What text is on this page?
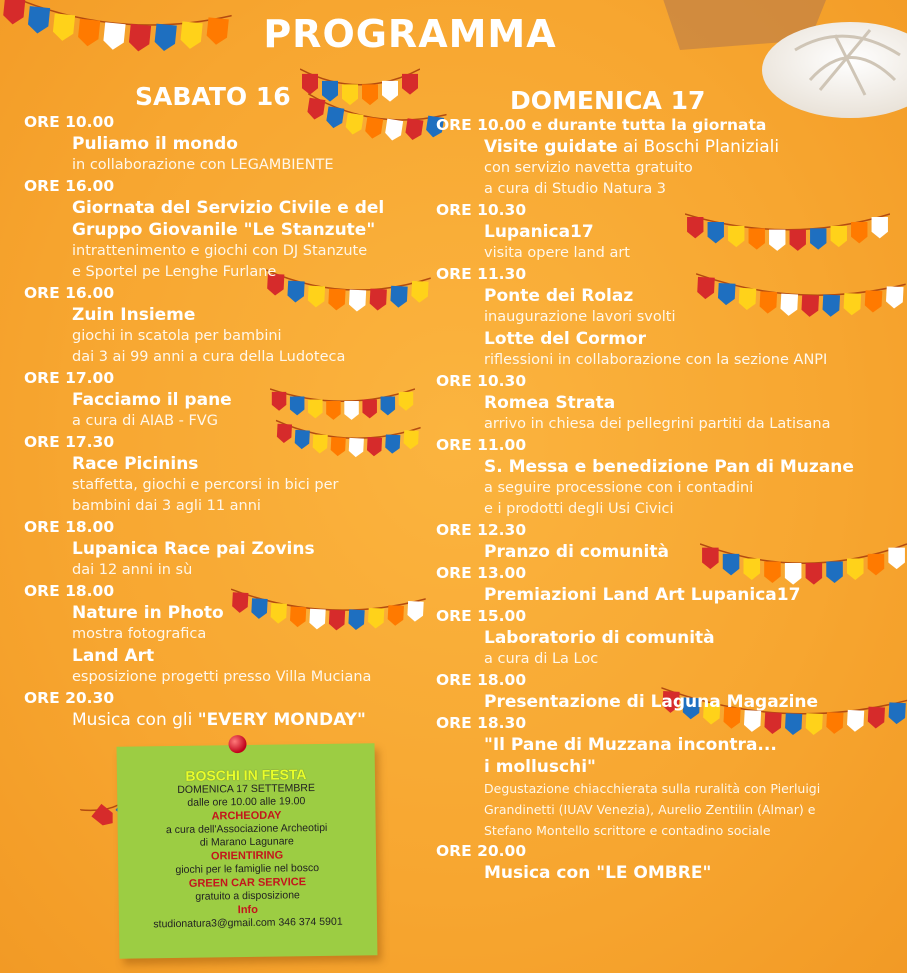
PROGRAMMA
SABATO 16	DOMENICA 17
ORE 10.00
Puliamo il mondo
in collaborazione con LEGAMBIENTE
ORE 16.00
Giornata del Servizio Civile e del
Gruppo Giovanile "Le Stanzute"
intrattenimento e giochi con DJ Stanzute
e Sportel pe Lenghe Furlane
ORE 16.00
Zuin Insieme
giochi in scatola per bambini
dai 3 ai 99 anni a cura della Ludoteca
ORE 17.00
Facciamo il pane
a cura di AIAB - FVG
ORE 17.30
Race Picinins
staffetta, giochi e percorsi in bici per
bambini dai 3 agli 11 anni
ORE 18.00
Lupanica Race pai Zovins
dai 12 anni in sù
ORE 18.00
Nature in Photo
mostra fotografica
Land Art
esposizione progetti presso Villa Muciana
ORE 20.30
Musica con gli "EVERY MONDAY"
ORE 10.00 e durante tutta la giornata
Visite guidate ai Boschi Planiziali
con servizio navetta gratuito
a cura di Studio Natura 3
ORE 10.30
Lupanica17
visita opere land art
ORE 11.30
Ponte dei Rolaz
inaugurazione lavori svolti
Lotte del Cormor
riflessioni in collaborazione con la sezione ANPI
ORE 10.30
Romea Strata
arrivo in chiesa dei pellegrini partiti da Latisana
ORE 11.00
S. Messa e benedizione Pan di Muzane
a seguire processione con i contadini
e i prodotti degli Usi Civici
ORE 12.30
Pranzo di comunità
ORE 13.00
Premiazioni Land Art Lupanica17
ORE 15.00
Laboratorio di comunità
a cura di La Loc
ORE 18.00
Presentazione di Laguna Magazine
ORE 18.30
"Il Pane di Muzzana incontra...
i molluschi"
Degustazione chiacchierata sulla ruralità con Pierluigi
Grandinetti (IUAV Venezia), Aurelio Zentilin (Almar) e
Stefano Montello scrittore e contadino sociale
ORE 20.00
Musica con "LE OMBRE"
BOSCHI IN FESTA
DOMENICA 17 SETTEMBRE
dalle ore 10.00 alle 19.00
ARCHEODAY
a cura dell'Associazione Archeotipi
di Marano Lagunare
ORIENTIRING
giochi per le famiglie nel bosco
GREEN CAR SERVICE
gratuito a disposizione
Info
studionatura3@gmail.com 346 374 5901
